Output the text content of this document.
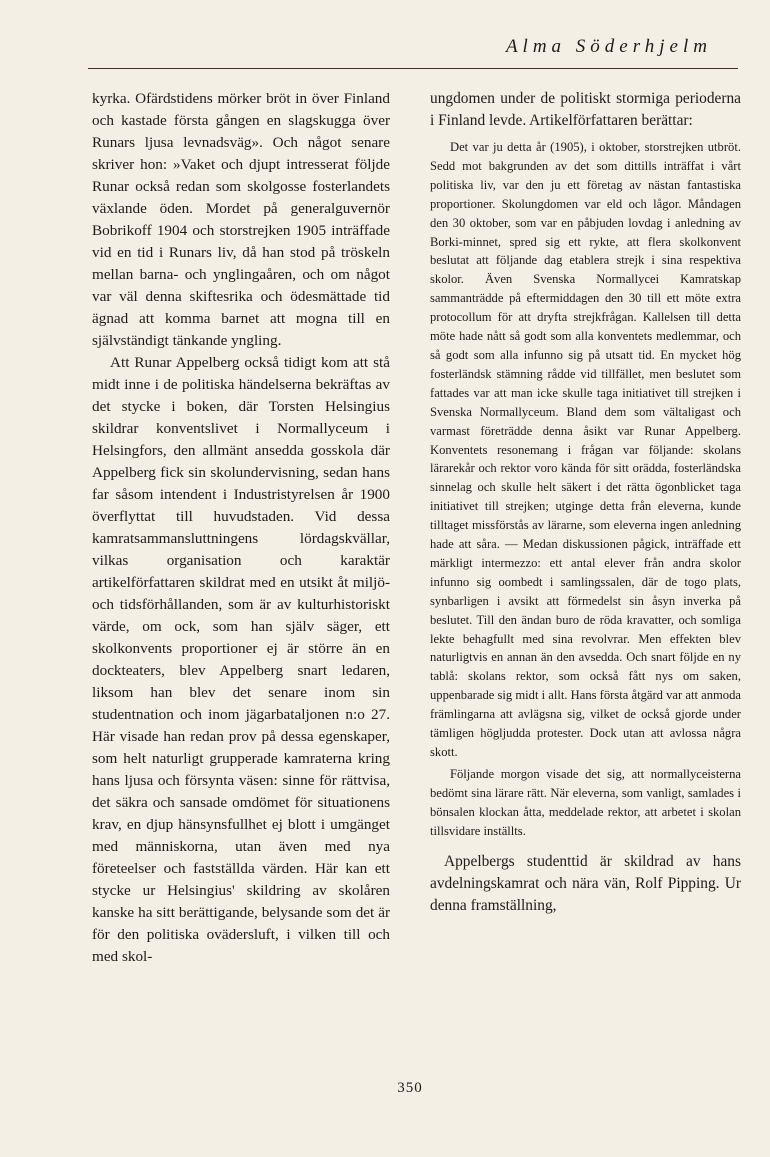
Alma Söderhjelm

kyrka. Ofärdstidens mörker bröt in över Finland och kastade första gången en slagskugga över Runars ljusa levnadsväg». Och något senare skriver hon: »Vaket och djupt intresserat följde Runar också redan som skolgosse fosterlandets växlande öden. Mordet på generalguvernör Bobrikoff 1904 och storstrejken 1905 inträffade vid en tid i Runars liv, då han stod på tröskeln mellan barna- och ynglingaåren, och om något var väl denna skiftesrika och ödesmättade tid ägnad att komma barnet att mogna till en självständigt tänkande yngling.

Att Runar Appelberg också tidigt kom att stå midt inne i de politiska händelserna bekräftas av det stycke i boken, där Torsten Helsingius skildrar konventslivet i Normallyceum i Helsingfors, den allmänt ansedda gosskola där Appelberg fick sin skolundervisning, sedan hans far såsom intendent i Industristyrelsen år 1900 överflyttat till huvudstaden. Vid dessa kamratsammansluttningens lördagskvällar, vilkas organisation och karaktär artikelförfattaren skildrat med en utsikt åt miljö- och tidsförhållanden, som är av kulturhistoriskt värde, om ock, som han själv säger, ett skolkonvents proportioner ej är större än en dockteaters, blev Appelberg snart ledaren, liksom han blev det senare inom sin studentnation och inom jägarbataljonen n:o 27. Här visade han redan prov på dessa egenskaper, som helt naturligt grupperade kamraterna kring hans ljusa och försynta väsen: sinne för rättvisa, det säkra och sansade omdömet för situationens krav, en djup hänsynsfullhet ej blott i umgänget med människorna, utan även med nya företeelser och fastställda värden. Här kan ett stycke ur Helsingius' skildring av skolåren kanske ha sitt berättigande, belysande som det är för den politiska ovädersluft, i vilken till och med skol-

ungdomen under de politiskt stormiga perioderna i Finland levde. Artikelförfattaren berättar:

Det var ju detta år (1905), i oktober, storstrejken utbröt. Sedd mot bakgrunden av det som dittills inträffat i vårt politiska liv, var den ju ett företag av nästan fantastiska proportioner. Skolungdomen var eld och lågor. Måndagen den 30 oktober, som var en påbjuden lovdag i anledning av Borki-minnet, spred sig ett rykte, att flera skolkonvent beslutat att följande dag etablera strejk i sina respektiva skolor. Även Svenska Normallycei Kamratskap sammanträdde på eftermiddagen den 30 till ett möte extra protocollum för att dryfta strejkfrågan. Kallelsen till detta möte hade nått så godt som alla konventets medlemmar, och så godt som alla infunno sig på utsatt tid. En mycket hög fosterländsk stämning rådde vid tillfället, men beslutet som fattades var att man icke skulle taga initiativet till strejken i Svenska Normallyceum. Bland dem som vältaligast och varmast företrädde denna åsikt var Runar Appelberg. Konventets resonemang i frågan var följande: skolans lärarekår och rektor voro kända för sitt orädda, fosterländska sinnelag och skulle helt säkert i det rätta ögonblicket taga initiativet till strejken; utginge detta från eleverna, kunde tilltaget missförstås av lärarne, som eleverna ingen anledning hade att såra. — Medan diskussionen pågick, inträffade ett märkligt intermezzo: ett antal elever från andra skolor infunno sig oombedt i samlingssalen, där de togo plats, synbarligen i avsikt att förmedelst sin åsyn inverka på beslutet. Till den ändan buro de röda kravatter, och somliga lekte behagfullt med sina revolvrar. Men effekten blev naturligtvis en annan än den avsedda. Och snart följde en ny tablå: skolans rektor, som också fått nys om saken, uppenbarade sig midt i allt. Hans första åtgärd var att anmoda främlingarna att avlägsna sig, vilket de också gjorde under tämligen högljudda protester. Dock utan att avlossa några skott.

Följande morgon visade det sig, att normallyceisterna bedömt sina lärare rätt. När eleverna, som vanligt, samlades i bönsalen klockan åtta, meddelade rektor, att arbetet i skolan tillsvidare inställts.

Appelbergs studenttid är skildrad av hans avdelningskamrat och nära vän, Rolf Pipping. Ur denna framställning,

350
